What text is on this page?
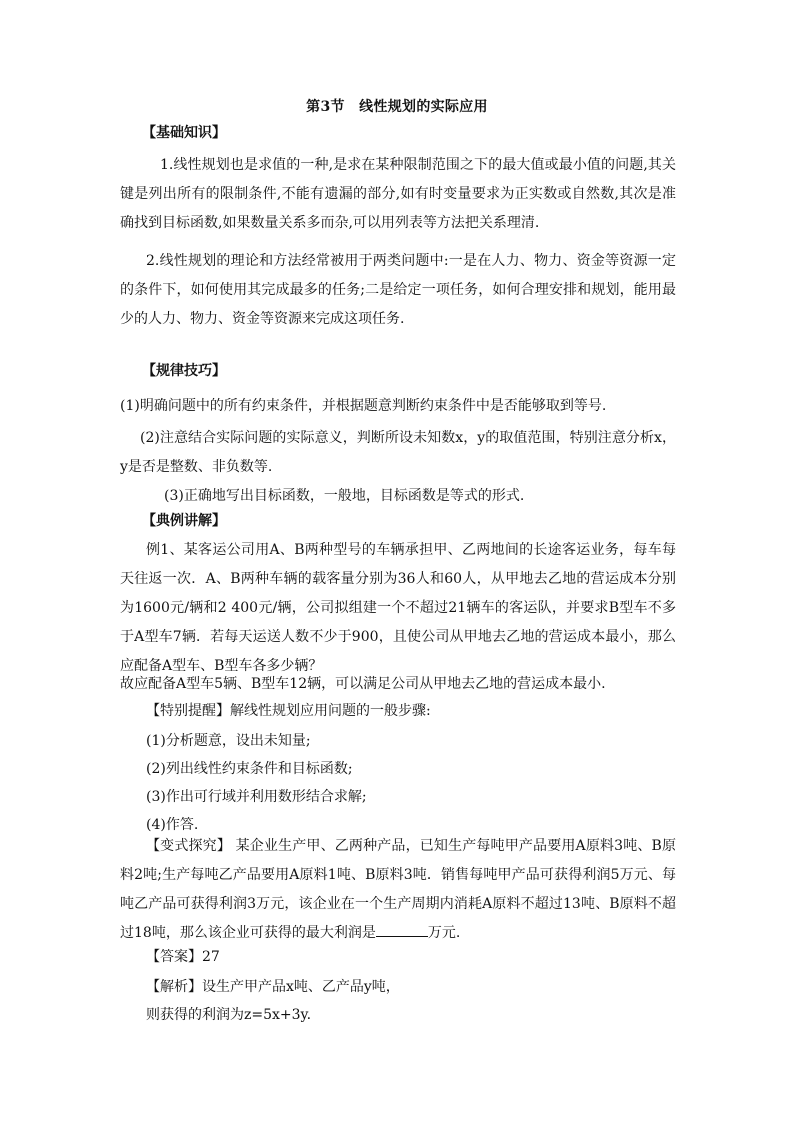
第3节　线性规划的实际应用
【基础知识】
1.线性规划也是求值的一种,是求在某种限制范围之下的最大值或最小值的问题,其关键是列出所有的限制条件,不能有遗漏的部分,如有时变量要求为正实数或自然数,其次是准确找到目标函数,如果数量关系多而杂,可以用列表等方法把关系理清.
2.线性规划的理论和方法经常被用于两类问题中:一是在人力、物力、资金等资源一定的条件下，如何使用其完成最多的任务;二是给定一项任务，如何合理安排和规划，能用最少的人力、物力、资金等资源来完成这项任务.
【规律技巧】
(1)明确问题中的所有约束条件，并根据题意判断约束条件中是否能够取到等号.
(2)注意结合实际问题的实际意义，判断所设未知数x，y的取值范围，特别注意分析x，y是否是整数、非负数等.
(3)正确地写出目标函数，一般地，目标函数是等式的形式.
【典例讲解】
例1、某客运公司用A、B两种型号的车辆承担甲、乙两地间的长途客运业务，每车每天往返一次．A、B两种车辆的载客量分别为36人和60人，从甲地去乙地的营运成本分别为1600元/辆和2 400元/辆，公司拟组建一个不超过21辆车的客运队，并要求B型车不多于A型车7辆．若每天运送人数不少于900，且使公司从甲地去乙地的营运成本最小，那么应配备A型车、B型车各多少辆？
故应配备A型车5辆、B型车12辆，可以满足公司从甲地去乙地的营运成本最小.
【特别提醒】解线性规划应用问题的一般步骤:
(1)分析题意，设出未知量;
(2)列出线性约束条件和目标函数;
(3)作出可行域并利用数形结合求解;
(4)作答.
【变式探究】 某企业生产甲、乙两种产品，已知生产每吨甲产品要用A原料3吨、B原料2吨;生产每吨乙产品要用A原料1吨、B原料3吨．销售每吨甲产品可获得利润5万元、每吨乙产品可获得利润3万元，该企业在一个生产周期内消耗A原料不超过13吨、B原料不超过18吨，那么该企业可获得的最大利润是	万元.
【答案】27
【解析】设生产甲产品x吨、乙产品y吨，
则获得的利润为z=5x+3y.
